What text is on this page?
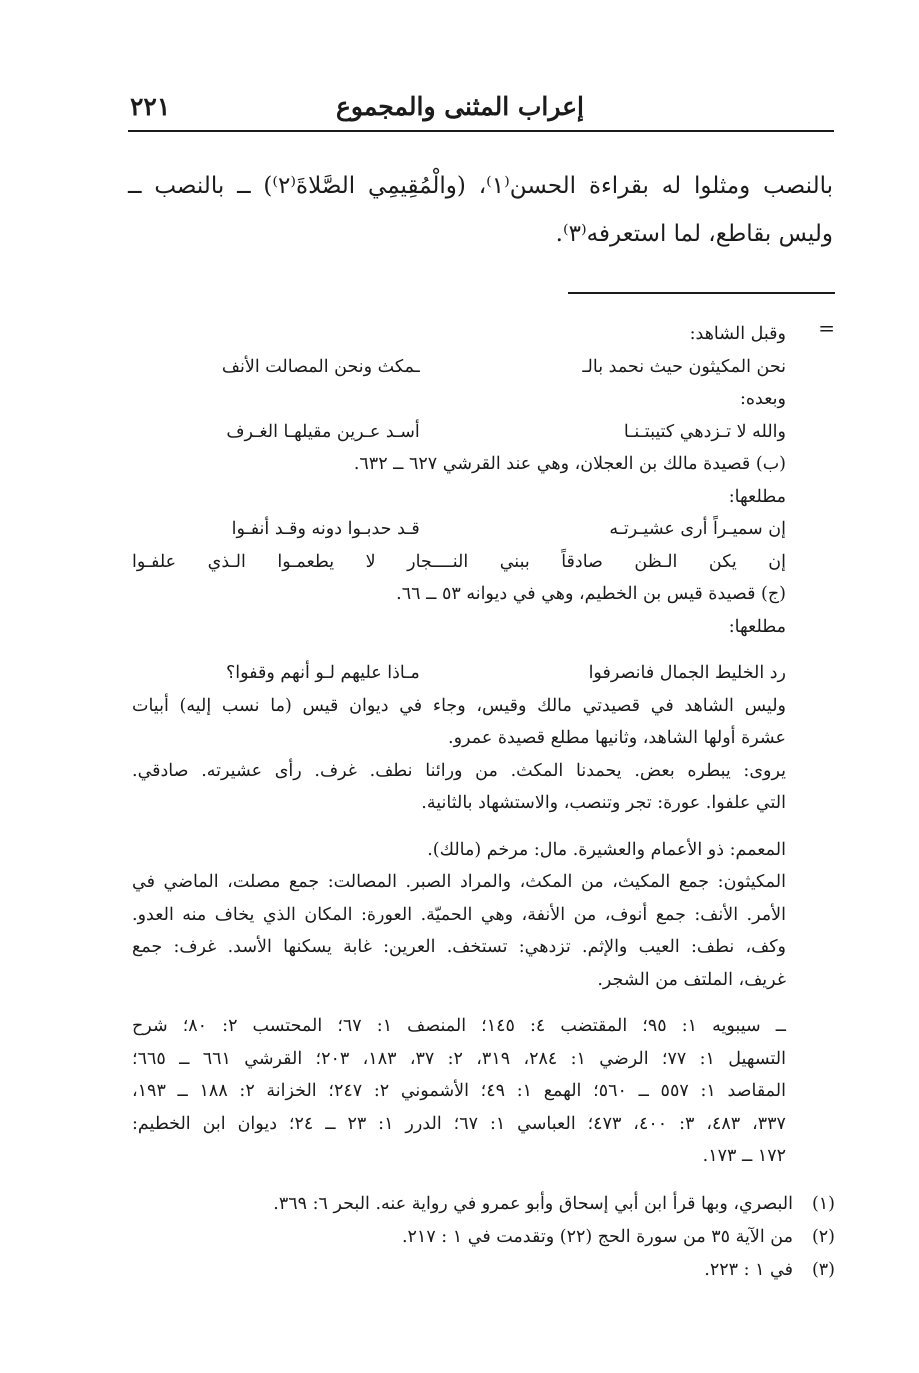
إعراب المثنى والمجموع
٢٢١

بالنصب ومثلوا له بقراءة الحسن⁽١⁾، (والْمُقِيمِي الصَّلاةَ⁽٢⁾) ــ بالنصب ــ

وليس بقاطع، لما استعرفه⁽٣⁾.

=
وقبل الشاهد:
نحن المكيثون حيث نحمد بالـ
ـمكث ونحن المصالت الأنف
وبعده:
والله لا تـزدهي كتيبتـنـا
أسـد عـرين مقيلهـا الغـرف
(ب) قصيدة مالك بن العجلان، وهي عند القرشي ٦٢٧ ــ ٦٣٢.
مطلعها:
إن سميـراً أرى عشيـرتـه
قـد حدبـوا دونه وقـد أنفـوا
إن يكن الـظن صادقاً ببني النــــجار لا يطعمـوا الـذي علفـوا
(ج) قصيدة قيس بن الخطيم، وهي في ديوانه ٥٣ ــ ٦٦.
مطلعها:
رد الخليط الجمال فانصرفوا
مـاذا عليهم لـو أنهم وقفوا؟
وليس الشاهد في قصيدتي مالك وقيس، وجاء في ديوان قيس (ما نسب إليه) أبيات
عشرة أولها الشاهد، وثانيها مطلع قصيدة عمرو.
يروى: يبطره بعض. يحمدنا المكث. من ورائنا نطف. غرف. رأى عشيرته. صادقي.
التي علفوا. عورة: تجر وتنصب، والاستشهاد بالثانية.
المعمم: ذو الأعمام والعشيرة. مال: مرخم (مالك).
المكيثون: جمع المكيث، من المكث، والمراد الصبر. المصالت: جمع مصلت، الماضي في
الأمر. الأنف: جمع أنوف، من الأنفة، وهي الحميّة. العورة: المكان الذي يخاف منه العدو.
وكف، نطف: العيب والإثم. تزدهي: تستخف. العرين: غابة يسكنها الأسد. غرف: جمع
غريف، الملتف من الشجر.
ــ سيبويه ١: ٩٥؛ المقتضب ٤: ١٤٥؛ المنصف ١: ٦٧؛ المحتسب ٢: ٨٠؛ شرح
التسهيل ١: ٧٧؛ الرضي ١: ٢٨٤، ٣١٩، ٢: ٣٧، ١٨٣، ٢٠٣؛ القرشي ٦٦١ ــ ٦٦٥؛
المقاصد ١: ٥٥٧ ــ ٥٦٠؛ الهمع ١: ٤٩؛ الأشموني ٢: ٢٤٧؛ الخزانة ٢: ١٨٨ ــ ١٩٣،
٣٣٧، ٤٨٣، ٣: ٤٠٠، ٤٧٣؛ العباسي ١: ٦٧؛ الدرر ١: ٢٣ ــ ٢٤؛ ديوان ابن الخطيم:
١٧٢ ــ ١٧٣.
(١)
البصري، وبها قرأ ابن أبي إسحاق وأبو عمرو في رواية عنه. البحر ٦: ٣٦٩.
(٢)
من الآية ٣٥ من سورة الحج (٢٢) وتقدمت في ١ : ٢١٧.
(٣)
في ١ : ٢٢٣.
